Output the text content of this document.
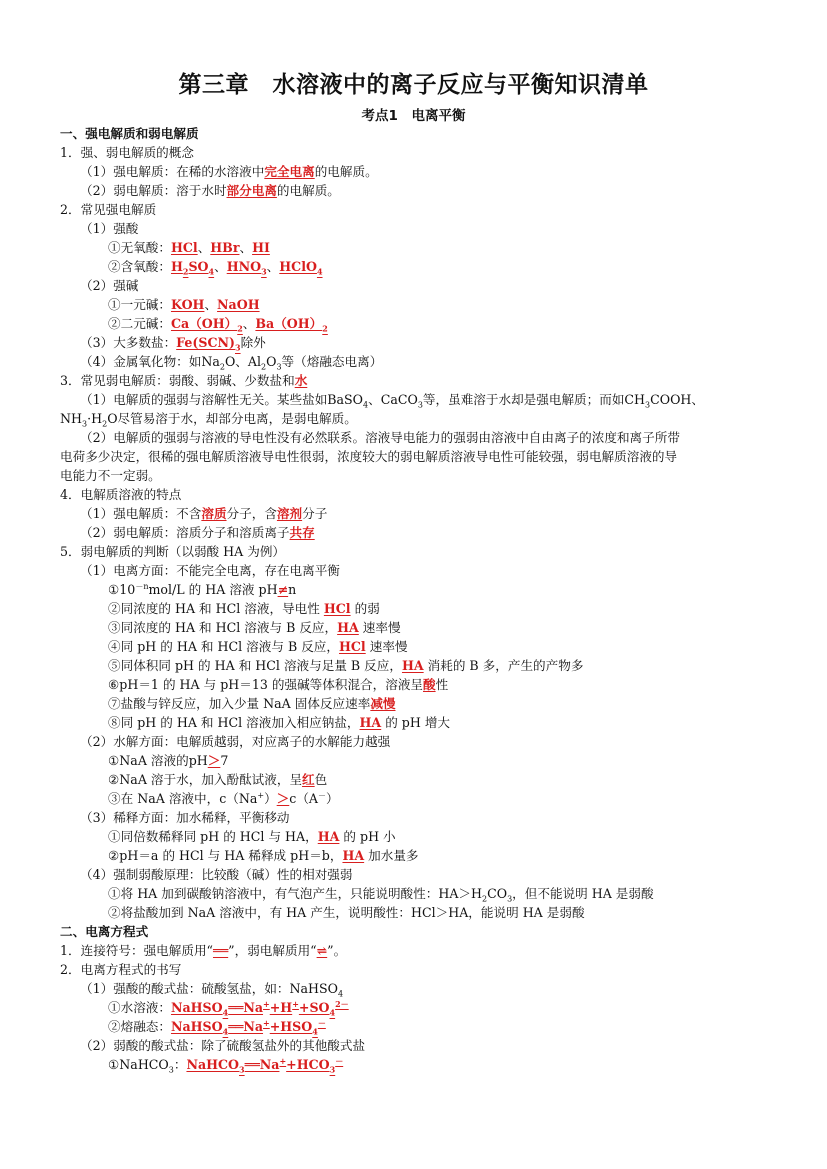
第三章　水溶液中的离子反应与平衡知识清单
考点1　电离平衡
一、强电解质和弱电解质
1．强、弱电解质的概念
（1）强电解质：在稀的水溶液中完全电离的电解质。
（2）弱电解质：溶于水时部分电离的电解质。
2．常见强电解质
（1）强酸
①无氧酸：HCl、HBr、HI
②含氧酸：$H_2SO_4$、$HNO_3$、HClO$_4$
（2）强碱
①一元碱：KOH、NaOH
②二元碱：$Ca(OH)_2$、$Ba(OH)_2$
（3）大多数盐：$Fe(SCN)_3$除外
（4）金属氧化物：如$Na_2O$、$Al_2O_3$等（熔融态电离）
3．常见弱电解质：弱酸、弱碱、少数盐和水
（1）电解质的强弱与溶解性无关。某些盐如BaSO$_4$、CaCO$_3$等，虽难溶于水却是强电解质；而如$CH_3COOH$、
$NH_3\cdot H_2O$尽管易溶于水，却部分电离，是弱电解质。
（2）电解质的强弱与溶液的导电性没有必然联系。溶液导电能力的强弱由溶液中自由离子的浓度和离子所带
电荷多少决定，很稀的强电解质溶液导电性很弱，浓度较大的弱电解质溶液导电性可能较强，弱电解质溶液的导
电能力不一定弱。
4．电解质溶液的特点
（1）强电解质：不含溶质分子，含溶剂分子
（2）弱电解质：溶质分子和溶质离子共存
5．弱电解质的判断（以弱酸 HA 为例）
（1）电离方面：不能完全电离，存在电离平衡
$①10^{-n}mol/L$ 的 HA 溶液 pH≠n
②同浓度的 HA 和 HCl 溶液，导电性 HCl 的弱
③同浓度的 HA 和 HCl 溶液与 B 反应，HA 速率慢
④同 pH 的 HA 和 HCl 溶液与 B 反应，HCl 速率慢
⑤同体积同 pH 的 HA 和 HCl 溶液与足量 B 反应，HA 消耗的 B 多，产生的产物多
⑥pH＝1 的 HA 与 pH＝13 的强碱等体积混合，溶液呈酸性
⑦盐酸与锌反应，加入少量 NaA 固体反应速率减慢
⑧同 pH 的 HA 和 HCl 溶液加入相应钠盐，HA 的 pH 增大
（2）水解方面：电解质越弱，对应离子的水解能力越强
①NaA 溶液的pH＞7
②NaA 溶于水，加入酚酞试液，呈红色
③在 NaA 溶液中，c（Na+）＞c（A－）
（3）稀释方面：加水稀释，平衡移动
①同倍数稀释同 pH 的 HCl 与 HA，HA 的 pH 小
②pH＝a 的 HCl 与 HA 稀释成 pH＝b，HA 加水量多
（4）强制弱酸原理：比较酸（碱）性的相对强弱
①将 HA 加到碳酸钠溶液中，有气泡产生，只能说明酸性：$HA>H_2CO_3$，但不能说明 HA 是弱酸
②将盐酸加到 NaA 溶液中，有 HA 产生，说明酸性：HCl＞HA，能说明 HA 是弱酸
二、电离方程式
1．连接符号：强电解质用“══”，弱电解质用“⇌”。
2．电离方程式的书写
（1）强酸的酸式盐：硫酸氢盐，如：NaHSO$_4$
①水溶液：$NaHSO_4══Na^++H^++SO_4^{2-}$
②熔融态：$NaHSO_4══Na^++HSO_4^-$
（2）弱酸的酸式盐：除了硫酸氢盐外的其他酸式盐
①NaHCO$_3$：$NaHCO_3══Na^++HCO_3^-$
